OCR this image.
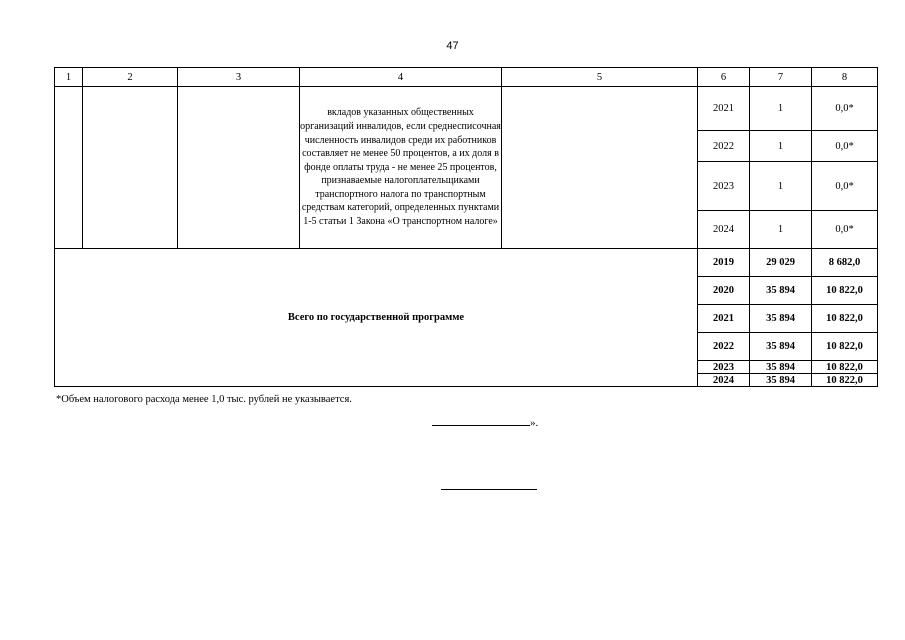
47
1	2	3	4	5	6	7	8
			вкладов указанных общественных организаций инвалидов, если среднесписочная численность инвалидов среди их работников составляет не менее 50 процентов, а их доля в фонде оплаты труда - не менее 25 процентов, признаваемые налогоплательщиками транспортного налога по транспортным средствам категорий, определенных пунктами 1-5 статьи 1 Закона «О транспортном налоге»		2021	1	0,0*
					2022	1	0,0*
					2023	1	0,0*
					2024	1	0,0*
Всего по государственной программе					2019	29 029	8 682,0
					2020	35 894	10 822,0
					2021	35 894	10 822,0
					2022	35 894	10 822,0
					2023	35 894	10 822,0
					2024	35 894	10 822,0
*Объем налогового расхода менее 1,0 тыс. рублей не указывается.
».
